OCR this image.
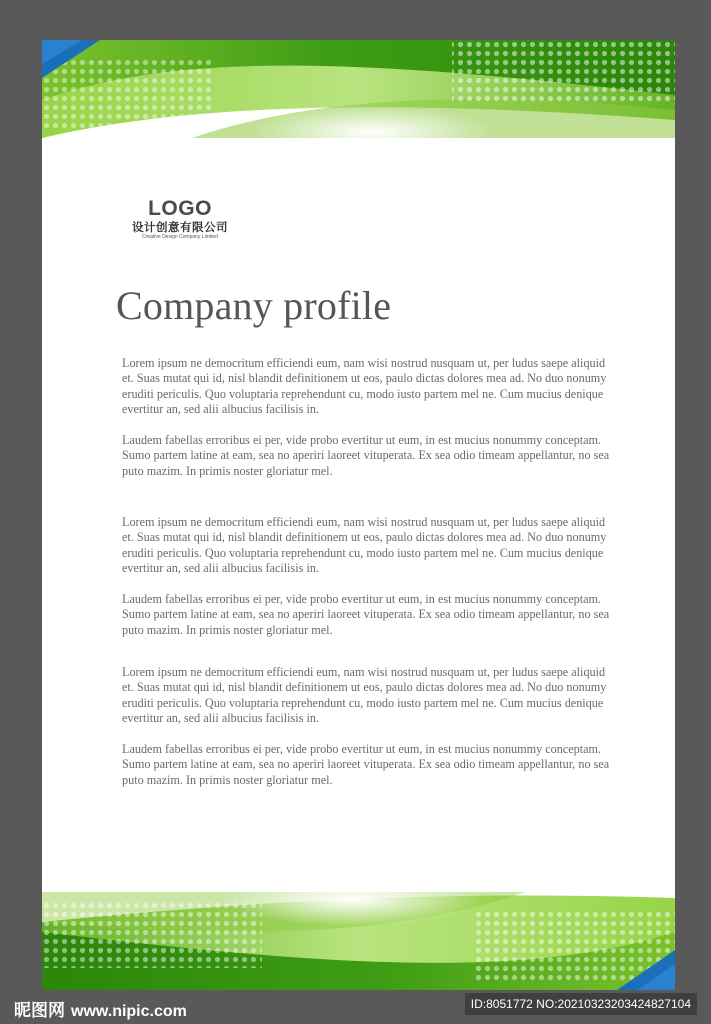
LOGO
设计创意有限公司
Creative Design Company Limited
Company profile

Lorem ipsum ne democritum efficiendi eum, nam wisi nostrud nusquam ut, per ludus saepe aliquid et. Suas mutat qui id, nisl blandit definitionem ut eos, paulo dictas dolores mea ad. No duo nonumy eruditi periculis. Quo voluptaria reprehendunt cu, modo iusto partem mel ne. Cum mucius denique evertitur an, sed alii albucius facilisis in.

Laudem fabellas erroribus ei per, vide probo evertitur ut eum, in est mucius nonummy conceptam. Sumo partem latine at eam, sea no aperiri laoreet vituperata. Ex sea odio timeam appellantur, no sea puto mazim. In primis noster gloriatur mel.

Lorem ipsum ne democritum efficiendi eum, nam wisi nostrud nusquam ut, per ludus saepe aliquid et. Suas mutat qui id, nisl blandit definitionem ut eos, paulo dictas dolores mea ad. No duo nonumy eruditi periculis. Quo voluptaria reprehendunt cu, modo iusto partem mel ne. Cum mucius denique evertitur an, sed alii albucius facilisis in.

Laudem fabellas erroribus ei per, vide probo evertitur ut eum, in est mucius nonummy conceptam. Sumo partem latine at eam, sea no aperiri laoreet vituperata. Ex sea odio timeam appellantur, no sea puto mazim. In primis noster gloriatur mel.

Lorem ipsum ne democritum efficiendi eum, nam wisi nostrud nusquam ut, per ludus saepe aliquid et. Suas mutat qui id, nisl blandit definitionem ut eos, paulo dictas dolores mea ad. No duo nonumy eruditi periculis. Quo voluptaria reprehendunt cu, modo iusto partem mel ne. Cum mucius denique evertitur an, sed alii albucius facilisis in.

Laudem fabellas erroribus ei per, vide probo evertitur ut eum, in est mucius nonummy conceptam. Sumo partem latine at eam, sea no aperiri laoreet vituperata. Ex sea odio timeam appellantur, no sea puto mazim. In primis noster gloriatur mel.

昵图网 www.nipic.com	ID:8051772 NO:20210323203424827104
